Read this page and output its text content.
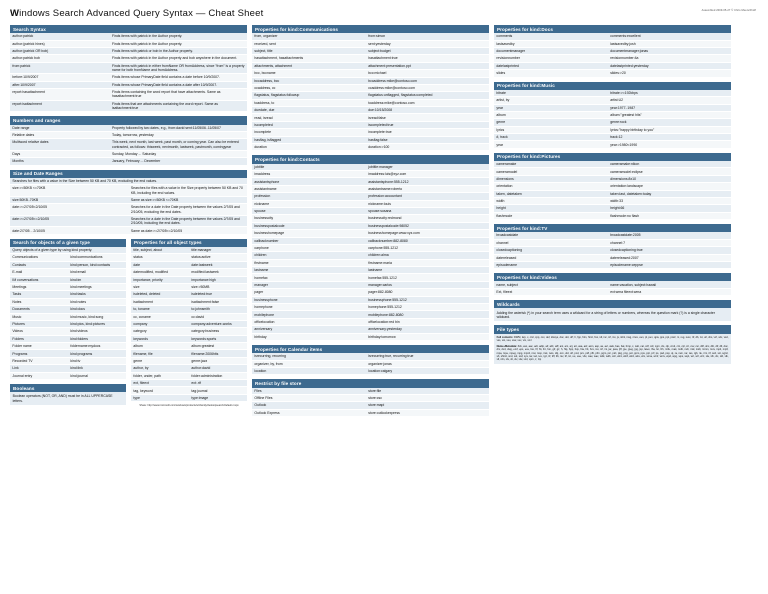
Assembled 2009-05-27 © Chris Muenchhoff
Windows Search Advanced Query Syntax — Cheat Sheet
Search Syntax
author:patrick	Finds items with patrick in the Author property.
author:(patrick hines)	Finds items with patrick in the Author property.
author:(patrick OR bob)	Finds items with patrick or bob in the Author property.
author:patrick bob	Finds items with patrick in the Author property and bob anywhere in the document.
from:patrick	Finds items with patrick in either fromName OR fromAddress, since "from" is a property name for both fromName and fromAddress.
before:10/9/2007	Finds items whose PrimaryDate field contains a date before 10/9/2007.
after:10/9/2007	Finds items whose PrimaryDate field contains a date after 10/9/2007.
report:hasattachment	Finds items containing the word report that have attachments. Same as hasattachment:true
report:isattachment	Finds items that are attachments containing the word report. Same as isattachment:true
Numbers and ranges
Date range	Property followed by two dates, e.g., from:david sent:11/05/06..11/05/07
Relative dates	Today, tomorrow, yesterday
Multiword relative dates	This week, next month, last week, past month, or coming year. Can also be entered contracted, as follows: thisweek, nextmonth, lastweek, pastmonth, comingyear
Days	Sunday, Monday ... Saturday
Months	January, February ... December
Size and Date Ranges
Searches for files with a value in the Size between 50 KB and 70 KB, excluding the end values.	
size:>=50KB <=70KB	Searches for files with a value in the Size property between 50 KB and 70 KB, including the end values.
size:50KB..70KB	Same as size:>=50KB <=70KB
date:>=2/7/05<2/10/05	Searches for a date in the Date property between the values 2/7/05 and 2/10/05, excluding the end dates.
date:>=2/7/05<=2/10/05	Searches for a date in the Date property between the values 2/7/05 and 2/10/05, including the end dates.
date:2/7/05 .. 2/10/05	Same as date:>=2/7/05<=2/10/05
Search for objects of a given type
Query objects of a given type by using kind property.	
Communications	kind:communications
Contacts	kind:person, kind:contacts
E-mail	kind:email
IM conversations	kind:im
Meetings	kind:meetings
Tasks	kind:tasks
Notes	kind:notes
Documents	kind:docs
Music	kind:music, kind:song
Pictures	kind:pics, kind:pictures
Videos	kind:videos
Folders	kind:folders
Folder name	foldername:mydocs
Programs	kind:programs
Recorded TV	kind:tv
Link	kind:link
Journal entry	kind:journal
Booleans
Boolean operators (NOT, OR, AND) must be in ALL UPPERCASE letters.
Properties for all object types
title, subject, about	title:manager
status	status:active
date	date:lastweek
datemodified, modified	modified:lastweek
importance, priority	importance:high
size	size:>50MB
isdeleted, deleted	isdeleted:true
isattachment	isattachment:false
to, toname	to:johnsmith
cc, ccname	cc:david
company	company:adventure-works
category	category:business
keywords	keywords:sports
album	album:greatest
filename, file	filename:2006hits
genre	genre:jazz
author, by	author:david
folder, under, path	folder:administration
ext, fileext	ext:.rtf
tag, keyword	tag:journal
type	type:image
Share: http://www.microsoft.com/windows/products/winfamily/desktopsearch/default.mspx
Properties for kind:Communications
from, organizer	from:simon
received, sent	sent:yesterday
subject, title	subject:budget
hasattachment, hasattachments	hasattachment:true
attachments, attachment	attachment:presentation.ppt
bcc, bccname	bcc:michael
bccaddress, bcc	bccaddress:mike@contoso.com
ccaddress, cc	ccaddress:mike@contoso.com
flagstatus, flagstatus:followup	flagstatus:unflagged, flagstatus:completed
toaddress, to	toaddress:mike@contoso.com
duedate, due	due:10/15/2008
read, isread	isread:false
iscompleted	iscompleted:true
incomplete	incomplete:true
hasflag, isflagged	hasflag:false
duration	duration:>100
Properties for kind:Contacts
jobtitle	jobtitle:manager
imaddress	imaddress:luis@xyz.com
assistantsphone	assistantsphone:555-1212
assistantname	assistantname:roberto
profession	profession:accountant
nickname	nickname:louis
spouse	spouse:susana
businesscity	businesscity:redmond
businesspostalcode	businesspostalcode:98052
businesshomepage	businesshomepage:www.xyz.com
callbacknumber	callbacknumber:882-8080
carphone	carphone:555-1212
children	children:alma
firstname	firstname:maria
lastname	lastname
homefax	homefax:555-1212
manager	manager:carlos
pager	pager:882-8080
businessphone	businessphone:555-1212
homephone	homephone:555-1212
mobilephone	mobilephone:882-8080
officelocation	officelocation:red bin
anniversary	anniversary:yesterday
birthday	birthday:tomorrow
Properties for Calendar items
isrecurring, recurring	isrecurring:true, recurring:true
organizer, by, from	organizer:jonas
location	location:calgary
Restrict by file store
Files	store:file
Offline Files	store:csc
Outlook	store:mapi
Outlook Express	store:outlookexpress
Properties for kind:Docs
comments	comments:excellent
lastsavedby	lastsavedby:josh
documentmanager	documentmanager:jonas
revisionnumber	revisionnumber:4a
datelastprinted	datelastprinted:yesterday
slides	slides:>20
Properties for kind:Music
bitrate	bitrate:>=192kbps
artist, by	artist:U2
year	year:1977..1987
album	album:"greatest hits"
genre	genre:rock
lyrics	lyrics:"happy birthday to you"
#, track	track:12
year	year:>1980<1990
Properties for kind:Pictures
cameramake	cameramake:nikon
cameramodel	cameramodel:eclipse
dimensions	dimensions:8x10
orientation	orientation:landscape
taken, datetaken	taken:last, datetaken:today
width	width:33
height	height:66
flashmode	flashmode:no flash
Properties for kind:TV
broadcastdate	broadcastdate:2005
channel	channel:7
closedcaptioning	closedcaptioning:true
datereleased	datereleased:2007
episodename	episodename:ceppse
Properties for kind:Videos
name, subject	name:vacation, subject:hawaii
Ext, fileext	ext:wma fileext:wma
Wildcards
Adding the asterisk (*) in your search term uses a wildcard for a string of letters or numbers, whereas the question mark (?) is a single character wildcard.
File types
Full contents: DWM, lwp, c, cml, cpp, cxx, def, diosys, doc, dot, drf, h, fpp, htm, html, hxx, idl, inc, inf, inx, js, idml, msg, mwx, oen, pl, pen, qpw, pps, ppt, pwiz, rc, reg, resx, rtf, db, txt, url, vbs, vcf, vdx, vsd, vss, vst, vsu, vsw, vsx, vtx, xml
Name+Metadata: 3dx, asx, aac, adt, adtp, aif, aifc, aiff, ani, arc, arj, art, asa, asf, asm, asp, au, avi, awk, bas, bat, bmp, c, cab, cat, cdf, cdr, cgm, cls, clp, cmd, cnt, cpl, crt, csv, cur, dbf, dcx, dib, dif, dll, doc, drv, dvd, dwg, emf, eps, exe, fax, fif, flv, fnt, fon, gif, gz, h, hlp, hpp, hqx, hta, htt, hxx, ico, inf, ini, jar, java, jfif, jpe, jpeg, jpg, jsp, latex, lha, lst, lzh, m3u, mak, mdb, mdi, mid, midi, mmm, mov, mp2, mp3, mpa, mpe, mpeg, mpg, mpv2, msi, msp, mst, nws, obj, ocx, old, otf, pcd, pcx, pdf, pfb, pfm, pgm, pic, pict, pkg, png, pot, ppm, pps, ppt, prf, ps, psd, psp, qt, ra, ram, rar, ras, rgb, rle, rmi, rtf, scd, sct, sgml, sh, shtml, snd, sol, swf, sys, tar, taz, tex, tgz, tif, tiff, tlb, tsv, ttf, txt, uu, uue, vbx, wav, wax, wbk, wdb, wiz, wk1, wk3, wk4, wks, wm, wma, wmf, wmv, wpd, wpg, wps, wq1, wri, wrl, wrz, xla, xlb, xlc, xld, xlk, xll, xlm, xls, xlt, xlv, xlw, xml, xpm, z, zip
